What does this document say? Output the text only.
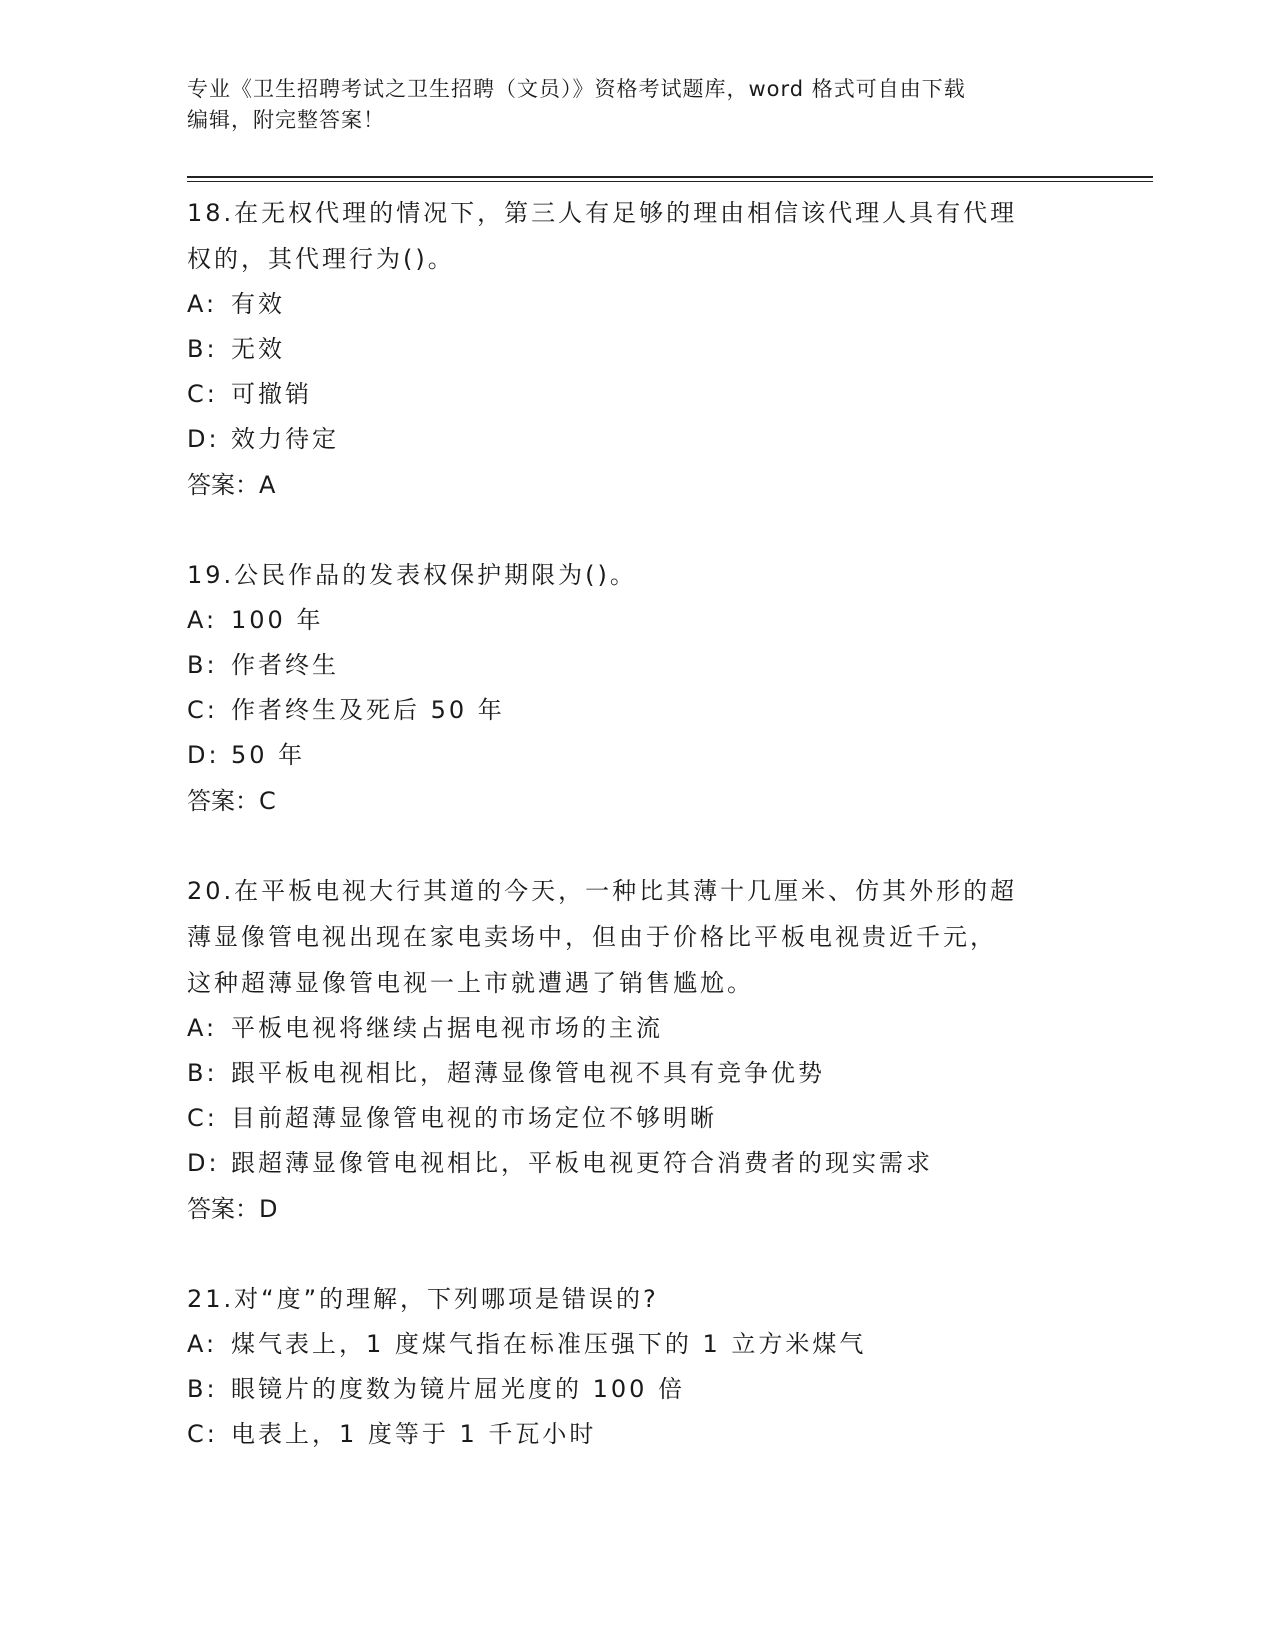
专业《卫生招聘考试之卫生招聘（文员）》资格考试题库，word 格式可自由下载
编辑，附完整答案！
18.在无权代理的情况下，第三人有足够的理由相信该代理人具有代理
权的，其代理行为()。
A: 有效
B: 无效
C: 可撤销
D: 效力待定
答案：A
19.公民作品的发表权保护期限为()。
A: 100 年
B: 作者终生
C: 作者终生及死后 50 年
D: 50 年
答案：C
20.在平板电视大行其道的今天，一种比其薄十几厘米、仿其外形的超
薄显像管电视出现在家电卖场中，但由于价格比平板电视贵近千元，
这种超薄显像管电视一上市就遭遇了销售尴尬。
A: 平板电视将继续占据电视市场的主流
B: 跟平板电视相比，超薄显像管电视不具有竞争优势
C: 目前超薄显像管电视的市场定位不够明晰
D: 跟超薄显像管电视相比，平板电视更符合消费者的现实需求
答案：D
21.对“度”的理解，下列哪项是错误的?
A: 煤气表上，1 度煤气指在标准压强下的 1 立方米煤气
B: 眼镜片的度数为镜片屈光度的 100 倍
C: 电表上，1 度等于 1 千瓦小时
